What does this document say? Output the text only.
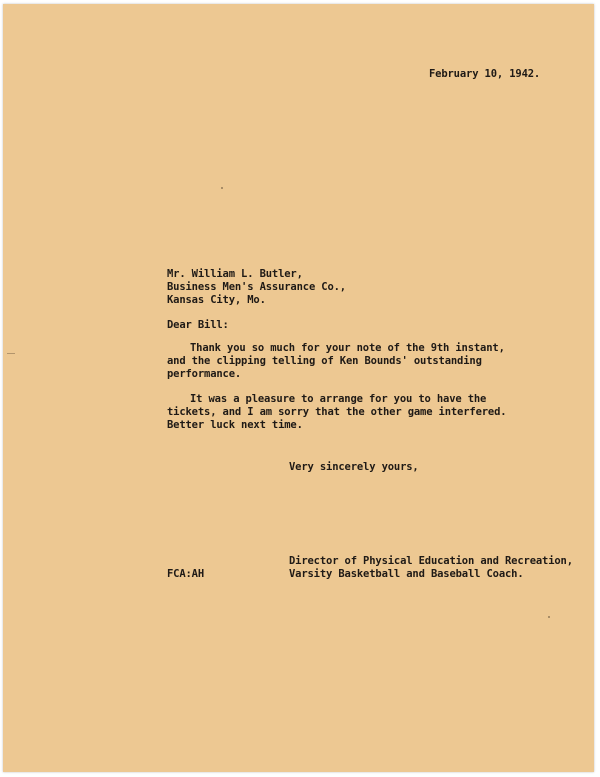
February 10, 1942.

Mr. William L. Butler,

Business Men's Assurance Co.,

Kansas City, Mo.

Dear Bill:

Thank you so much for your note of the 9th instant,

and the clipping telling of Ken Bounds' outstanding

performance.

It was a pleasure to arrange for you to have the

tickets, and I am sorry that the other game interfered.

Better luck next time.

Very sincerely yours,

Director of Physical Education and Recreation,

Varsity Basketball and Baseball Coach.

FCA:AH
